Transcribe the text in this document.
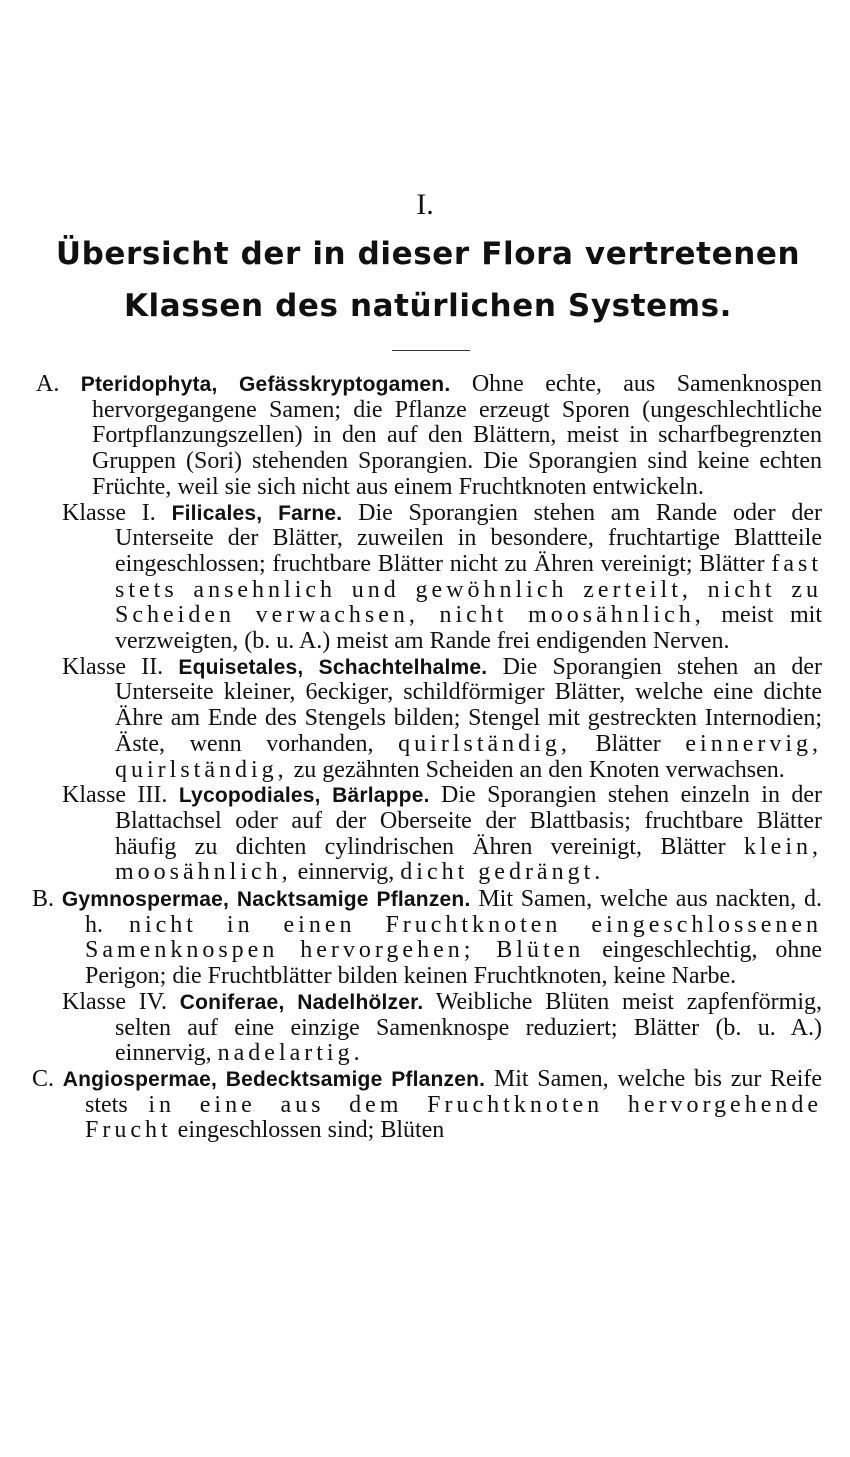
I.
Übersicht der in dieser Flora vertretenen
Klassen des natürlichen Systems.
A. Pteridophyta, Gefässkryptogamen. Ohne echte, aus Samenknospen hervorgegangene Samen; die Pflanze erzeugt Sporen (ungeschlechtliche Fortpflanzungszellen) in den auf den Blättern, meist in scharfbegrenzten Gruppen (Sori) stehenden Sporangien. Die Sporangien sind keine echten Früchte, weil sie sich nicht aus einem Fruchtknoten entwickeln.
Klasse I. Filicales, Farne. Die Sporangien stehen am Rande oder der Unterseite der Blätter, zuweilen in besondere, fruchtartige Blattteile eingeschlossen; fruchtbare Blätter nicht zu Ähren vereinigt; Blätter fast stets ansehnlich und gewöhnlich zerteilt, nicht zu Scheiden verwachsen, nicht moosähnlich, meist mit verzweigten, (b. u. A.) meist am Rande frei endigenden Nerven.
Klasse II. Equisetales, Schachtelhalme. Die Sporangien stehen an der Unterseite kleiner, 6eckiger, schildförmiger Blätter, welche eine dichte Ähre am Ende des Stengels bilden; Stengel mit gestreckten Internodien; Äste, wenn vorhanden, quirlständig, Blätter einnervig, quirlständig, zu gezähnten Scheiden an den Knoten verwachsen.
Klasse III. Lycopodiales, Bärlappe. Die Sporangien stehen einzeln in der Blattachsel oder auf der Oberseite der Blattbasis; fruchtbare Blätter häufig zu dichten cylindrischen Ähren vereinigt, Blätter klein, moosähnlich, einnervig, dicht gedrängt.
B. Gymnospermae, Nacktsamige Pflanzen. Mit Samen, welche aus nackten, d. h. nicht in einen Fruchtknoten eingeschlossenen Samenknospen hervorgehen; Blüten eingeschlechtig, ohne Perigon; die Fruchtblätter bilden keinen Fruchtknoten, keine Narbe.
Klasse IV. Coniferae, Nadelhölzer. Weibliche Blüten meist zapfenförmig, selten auf eine einzige Samenknospe reduziert; Blätter (b. u. A.) einnervig, nadelartig.
C. Angiospermae, Bedecktsamige Pflanzen. Mit Samen, welche bis zur Reife stets in eine aus dem Fruchtknoten hervorgehende Frucht eingeschlossen sind; Blüten
